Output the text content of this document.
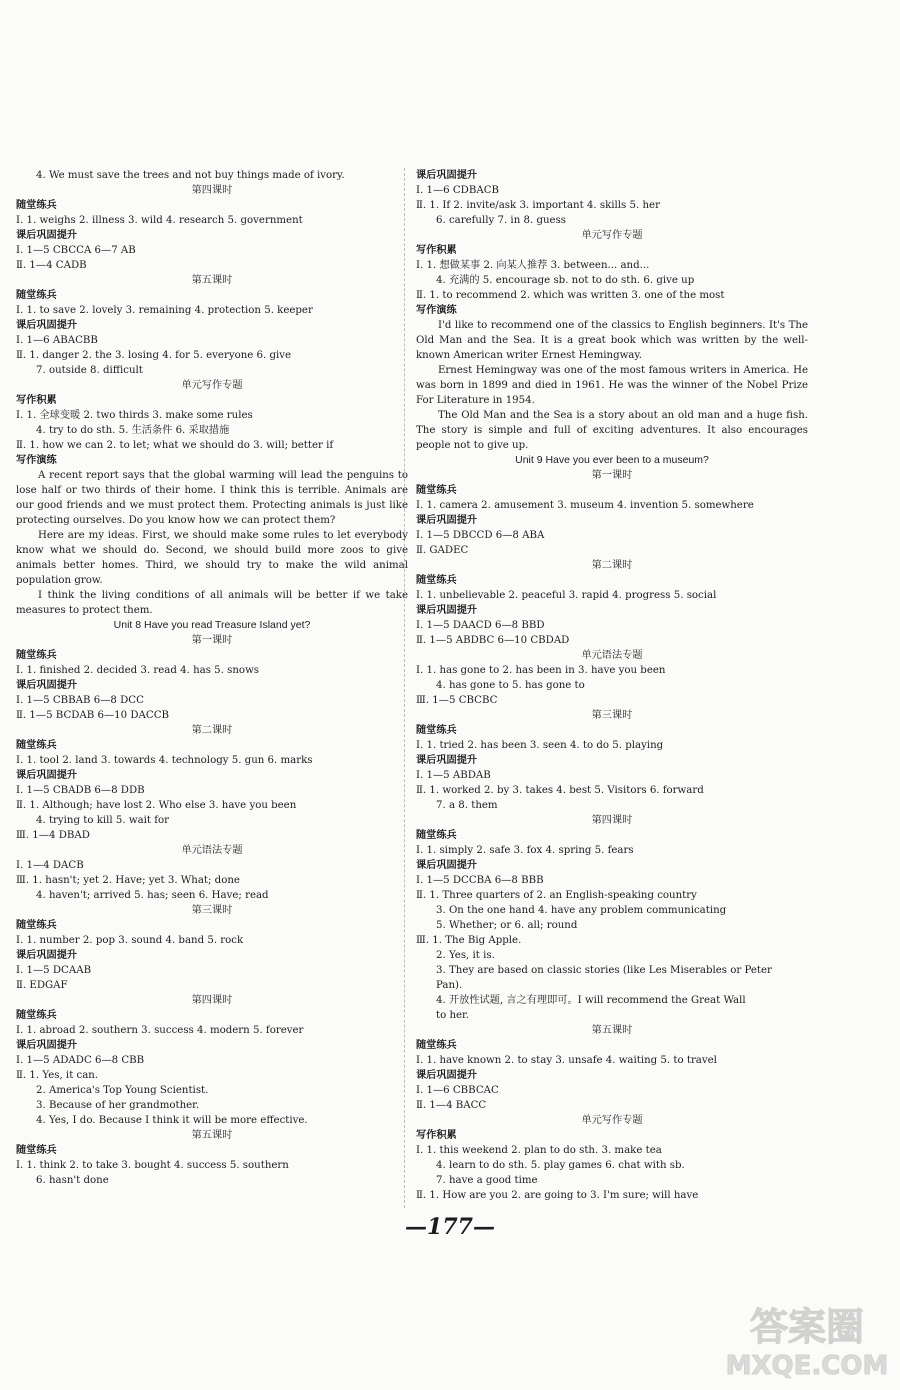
4. We must save the trees and not buy things made of ivory.
第四课时
随堂练兵
Ⅰ. 1. weighs 2. illness 3. wild 4. research 5. government
课后巩固提升
Ⅰ. 1—5 CBCCA 6—7 AB
Ⅱ. 1—4 CADB
第五课时
随堂练兵
Ⅰ. 1. to save 2. lovely 3. remaining 4. protection 5. keeper
课后巩固提升
Ⅰ. 1—6 ABACBB
Ⅱ. 1. danger 2. the 3. losing 4. for 5. everyone 6. give
7. outside 8. difficult
单元写作专题
写作积累
Ⅰ. 1. 全球变暖 2. two thirds 3. make some rules
4. try to do sth. 5. 生活条件 6. 采取措施
Ⅱ. 1. how we can 2. to let; what we should do 3. will; better if
写作演练
A recent report says that the global warming will lead the penguins to lose half or two thirds of their home. I think this is terrible. Animals are our good friends and we must protect them. Protecting animals is just like protecting ourselves. Do you know how we can protect them?
Here are my ideas. First, we should make some rules to let everybody know what we should do. Second, we should build more zoos to give animals better homes. Third, we should try to make the wild animal population grow.
I think the living conditions of all animals will be better if we take measures to protect them.
Unit 8 Have you read Treasure Island yet?
第一课时
随堂练兵
Ⅰ. 1. finished 2. decided 3. read 4. has 5. snows
课后巩固提升
Ⅰ. 1—5 CBBAB 6—8 DCC
Ⅱ. 1—5 BCDAB 6—10 DACCB
第二课时
随堂练兵
Ⅰ. 1. tool 2. land 3. towards 4. technology 5. gun 6. marks
课后巩固提升
Ⅰ. 1—5 CBADB 6—8 DDB
Ⅱ. 1. Although; have lost 2. Who else 3. have you been
4. trying to kill 5. wait for
Ⅲ. 1—4 DBAD
单元语法专题
Ⅰ. 1—4 DACB
Ⅲ. 1. hasn't; yet 2. Have; yet 3. What; done
4. haven't; arrived 5. has; seen 6. Have; read
第三课时
随堂练兵
Ⅰ. 1. number 2. pop 3. sound 4. band 5. rock
课后巩固提升
Ⅰ. 1—5 DCAAB
Ⅱ. EDGAF
第四课时
随堂练兵
Ⅰ. 1. abroad 2. southern 3. success 4. modern 5. forever
课后巩固提升
Ⅰ. 1—5 ADADC 6—8 CBB
Ⅱ. 1. Yes, it can.
2. America's Top Young Scientist.
3. Because of her grandmother.
4. Yes, I do. Because I think it will be more effective.
第五课时
随堂练兵
Ⅰ. 1. think 2. to take 3. bought 4. success 5. southern
6. hasn't done
课后巩固提升
Ⅰ. 1—6 CDBACB
Ⅱ. 1. If 2. invite/ask 3. important 4. skills 5. her
6. carefully 7. in 8. guess
单元写作专题
写作积累
Ⅰ. 1. 想做某事 2. 向某人推荐 3. between... and...
4. 充满的 5. encourage sb. not to do sth. 6. give up
Ⅱ. 1. to recommend 2. which was written 3. one of the most
写作演练
I'd like to recommend one of the classics to English beginners. It's The Old Man and the Sea. It is a great book which was written by the well-known American writer Ernest Hemingway.
Ernest Hemingway was one of the most famous writers in America. He was born in 1899 and died in 1961. He was the winner of the Nobel Prize For Literature in 1954.
The Old Man and the Sea is a story about an old man and a huge fish. The story is simple and full of exciting adventures. It also encourages people not to give up.
Unit 9 Have you ever been to a museum?
第一课时
随堂练兵
Ⅰ. 1. camera 2. amusement 3. museum 4. invention 5. somewhere
课后巩固提升
Ⅰ. 1—5 DBCCD 6—8 ABA
Ⅱ. GADEC
第二课时
随堂练兵
Ⅰ. 1. unbelievable 2. peaceful 3. rapid 4. progress 5. social
课后巩固提升
Ⅰ. 1—5 DAACD 6—8 BBD
Ⅱ. 1—5 ABDBC 6—10 CBDAD
单元语法专题
Ⅰ. 1. has gone to 2. has been in 3. have you been
4. has gone to 5. has gone to
Ⅲ. 1—5 CBCBC
第三课时
随堂练兵
Ⅰ. 1. tried 2. has been 3. seen 4. to do 5. playing
课后巩固提升
Ⅰ. 1—5 ABDAB
Ⅱ. 1. worked 2. by 3. takes 4. best 5. Visitors 6. forward
7. a 8. them
第四课时
随堂练兵
Ⅰ. 1. simply 2. safe 3. fox 4. spring 5. fears
课后巩固提升
Ⅰ. 1—5 DCCBA 6—8 BBB
Ⅱ. 1. Three quarters of 2. an English-speaking country
3. On the one hand 4. have any problem communicating
5. Whether; or 6. all; round
Ⅲ. 1. The Big Apple.
2. Yes, it is.
3. They are based on classic stories (like Les Miserables or Peter
Pan).
4. 开放性试题, 言之有理即可。I will recommend the Great Wall
to her.
第五课时
随堂练兵
Ⅰ. 1. have known 2. to stay 3. unsafe 4. waiting 5. to travel
课后巩固提升
Ⅰ. 1—6 CBBCAC
Ⅱ. 1—4 BACC
单元写作专题
写作积累
Ⅰ. 1. this weekend 2. plan to do sth. 3. make tea
4. learn to do sth. 5. play games 6. chat with sb.
7. have a good time
Ⅱ. 1. How are you 2. are going to 3. I'm sure; will have
—177—
答案圈
MXQE.COM
